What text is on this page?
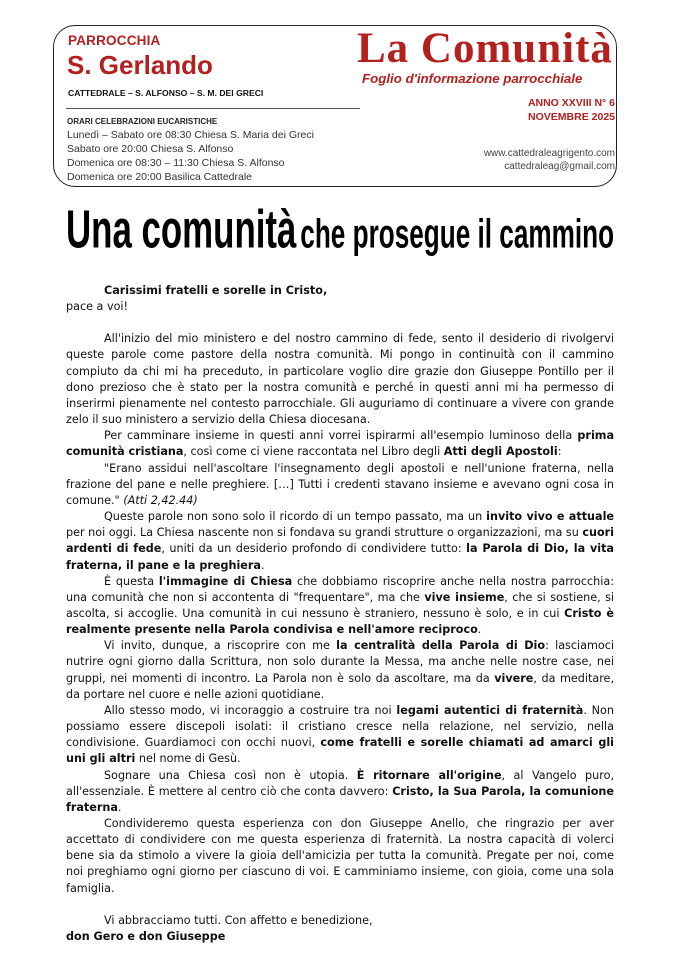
PARROCCHIA
S. Gerlando
CATTEDRALE – S. ALFONSO – S. M. DEI GRECI
ORARI CELEBRAZIONI EUCARISTICHE
Lunedì – Sabato ore 08:30 Chiesa S. Maria dei Greci
Sabato ore 20:00 Chiesa S. Alfonso
Domenica ore 08:30 – 11:30 Chiesa S. Alfonso
Domenica ore 20:00 Basilica Cattedrale
La Comunità
Foglio d'informazione parrocchiale
ANNO XXVIII N° 6
NOVEMBRE 2025
www.cattedraleagrigento.com
cattedraleag@gmail.com
Una comunità che prosegue il cammino

Carissimi fratelli e sorelle in Cristo,

pace a voi!

All'inizio del mio ministero e del nostro cammino di fede, sento il desiderio di rivolgervi queste parole come pastore della nostra comunità. Mi pongo in continuità con il cammino compiuto da chi mi ha preceduto, in particolare voglio dire grazie don Giuseppe Pontillo per il dono prezioso che è stato per la nostra comunità e perché in questi anni mi ha permesso di inserirmi pienamente nel contesto parrocchiale. Gli auguriamo di continuare a vivere con grande zelo il suo ministero a servizio della Chiesa diocesana.

Per camminare insieme in questi anni vorrei ispirarmi all'esempio luminoso della prima comunità cristiana, così come ci viene raccontata nel Libro degli Atti degli Apostoli:

"Erano assidui nell'ascoltare l'insegnamento degli apostoli e nell'unione fraterna, nella frazione del pane e nelle preghiere. […] Tutti i credenti stavano insieme e avevano ogni cosa in comune." (Atti 2,42.44)

Queste parole non sono solo il ricordo di un tempo passato, ma un invito vivo e attuale per noi oggi. La Chiesa nascente non si fondava su grandi strutture o organizzazioni, ma su cuori ardenti di fede, uniti da un desiderio profondo di condividere tutto: la Parola di Dio, la vita fraterna, il pane e la preghiera.

È questa l'immagine di Chiesa che dobbiamo riscoprire anche nella nostra parrocchia: una comunità che non si accontenta di "frequentare", ma che vive insieme, che si sostiene, si ascolta, si accoglie. Una comunità in cui nessuno è straniero, nessuno è solo, e in cui Cristo è realmente presente nella Parola condivisa e nell'amore reciproco.

Vi invito, dunque, a riscoprire con me la centralità della Parola di Dio: lasciamoci nutrire ogni giorno dalla Scrittura, non solo durante la Messa, ma anche nelle nostre case, nei gruppi, nei momenti di incontro. La Parola non è solo da ascoltare, ma da vivere, da meditare, da portare nel cuore e nelle azioni quotidiane.

Allo stesso modo, vi incoraggio a costruire tra noi legami autentici di fraternità. Non possiamo essere discepoli isolati: il cristiano cresce nella relazione, nel servizio, nella condivisione. Guardiamoci con occhi nuovi, come fratelli e sorelle chiamati ad amarci gli uni gli altri nel nome di Gesù.

Sognare una Chiesa così non è utopia. È ritornare all'origine, al Vangelo puro, all'essenziale. È mettere al centro ciò che conta davvero: Cristo, la Sua Parola, la comunione fraterna.

Condivideremo questa esperienza con don Giuseppe Anello, che ringrazio per aver accettato di condividere con me questa esperienza di fraternità. La nostra capacità di volerci bene sia da stimolo a vivere la gioia dell'amicizia per tutta la comunità. Pregate per noi, come noi preghiamo ogni giorno per ciascuno di voi. E camminiamo insieme, con gioia, come una sola famiglia.

Vi abbracciamo tutti. Con affetto e benedizione,

don Gero e don Giuseppe
